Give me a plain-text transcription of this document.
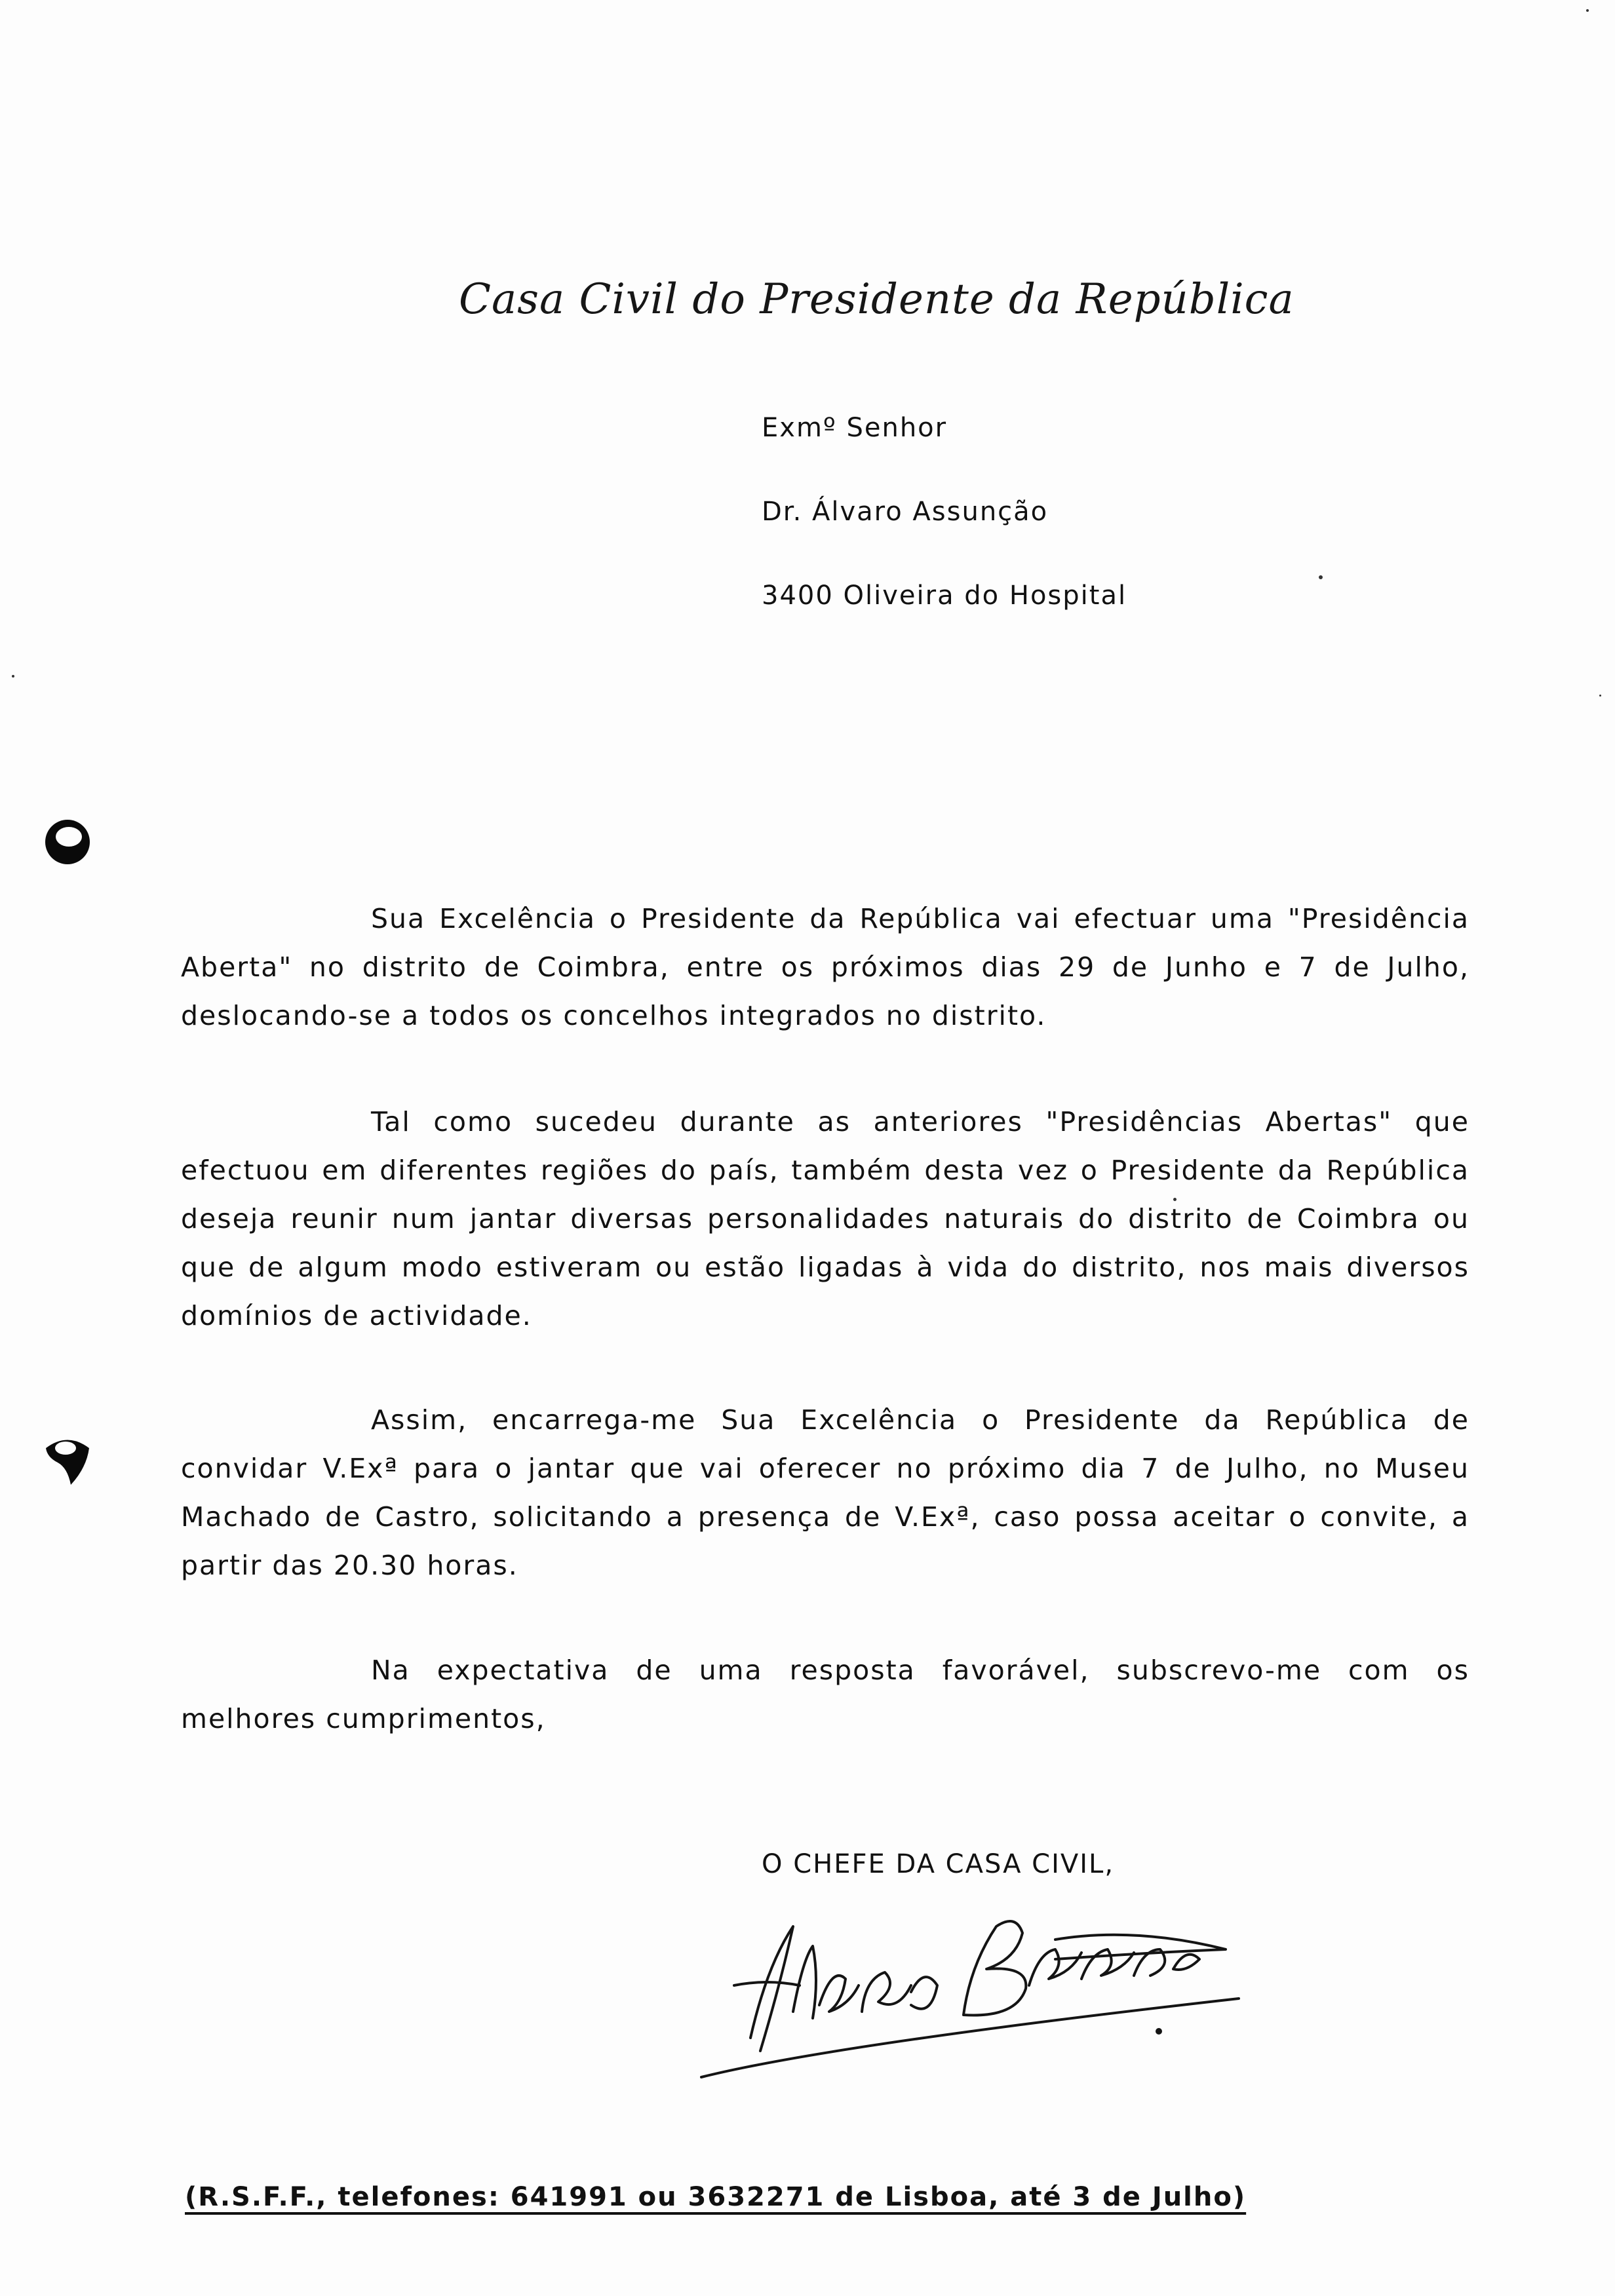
Casa Civil do Presidente da República
Exmº Senhor
Dr. Álvaro Assunção
3400 Oliveira do Hospital

Sua Excelência o Presidente da República vai efectuar uma "Presidência Aberta" no distrito de Coimbra, entre os próximos dias 29 de Junho e 7 de Julho, deslocando-se a todos os concelhos integrados no distrito.

Tal como sucedeu durante as anteriores "Presidências Abertas" que efectuou em diferentes regiões do país, também desta vez o Presidente da República deseja reunir num jantar diversas personalidades naturais do distrito de Coimbra ou que de algum modo estiveram ou estão ligadas à vida do distrito, nos mais diversos domínios de actividade.

Assim, encarrega-me Sua Excelência o Presidente da República de convidar V.Exª para o jantar que vai oferecer no próximo dia 7 de Julho, no Museu Machado de Castro, solicitando a presença de V.Exª, caso possa aceitar o convite, a partir das 20.30 horas.

Na expectativa de uma resposta favorável, subscrevo-me com os melhores cumprimentos,

O CHEFE DA CASA CIVIL,
(R.S.F.F., telefones: 641991 ou 3632271 de Lisboa, até 3 de Julho)
